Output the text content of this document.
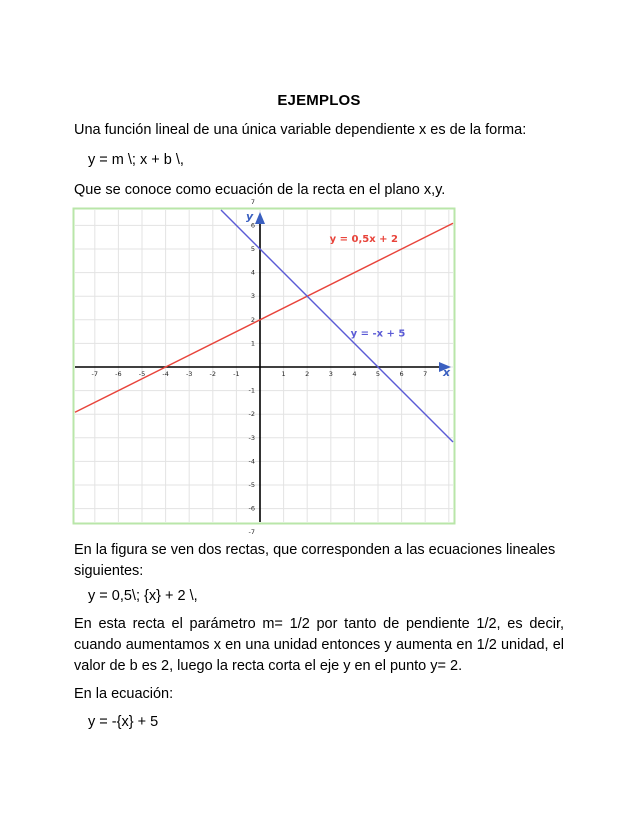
EJEMPLOS
Una función lineal de una única variable dependiente x es de la forma:
y = m \; x + b \,
Que se conoce como ecuación de la recta en el plano x,y.
x
y
-7	-6	-5	-4	-3	-2	-1	1	2	3	4	5	6	7
7
6
5
4
3
2
1
-1
-2
-3
-4
-5
-6
-7
y = 0,5x + 2
y = -x + 5
En la figura se ven dos rectas, que corresponden a las ecuaciones lineales siguientes:
y = 0,5\; {x} + 2 \,
En esta recta el parámetro m= 1/2 por tanto de pendiente 1/2, es decir, cuando aumentamos x en una unidad entonces y aumenta en 1/2 unidad, el valor de b es 2, luego la recta corta el eje y en el punto y= 2.
En la ecuación:
y = -{x} + 5
